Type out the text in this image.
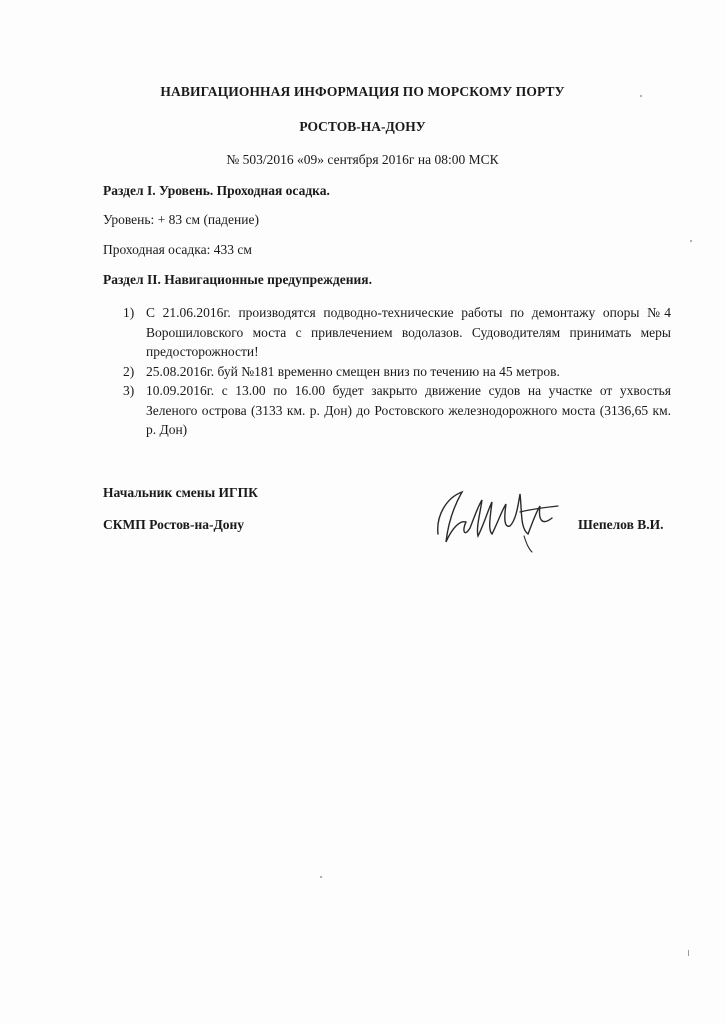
НАВИГАЦИОННАЯ ИНФОРМАЦИЯ ПО МОРСКОМУ ПОРТУ
РОСТОВ-НА-ДОНУ
№ 503/2016 «09» сентября 2016г на 08:00 МСК
Раздел I. Уровень. Проходная осадка.
Уровень: + 83 см (падение)
Проходная осадка: 433 см
Раздел II. Навигационные предупреждения.
1) С 21.06.2016г. производятся подводно-технические работы по демонтажу опоры №4 Ворошиловского моста с привлечением водолазов. Судоводителям принимать меры предосторожности!
2) 25.08.2016г. буй №181 временно смещен вниз по течению на 45 метров.
3) 10.09.2016г. с 13.00 по 16.00 будет закрыто движение судов на участке от ухвостья Зеленого острова (3133 км. р. Дон) до Ростовского железнодорожного моста (3136,65 км. р. Дон)
Начальник смены ИГПК
СКМП Ростов-на-Дону	Шепелов В.И.
